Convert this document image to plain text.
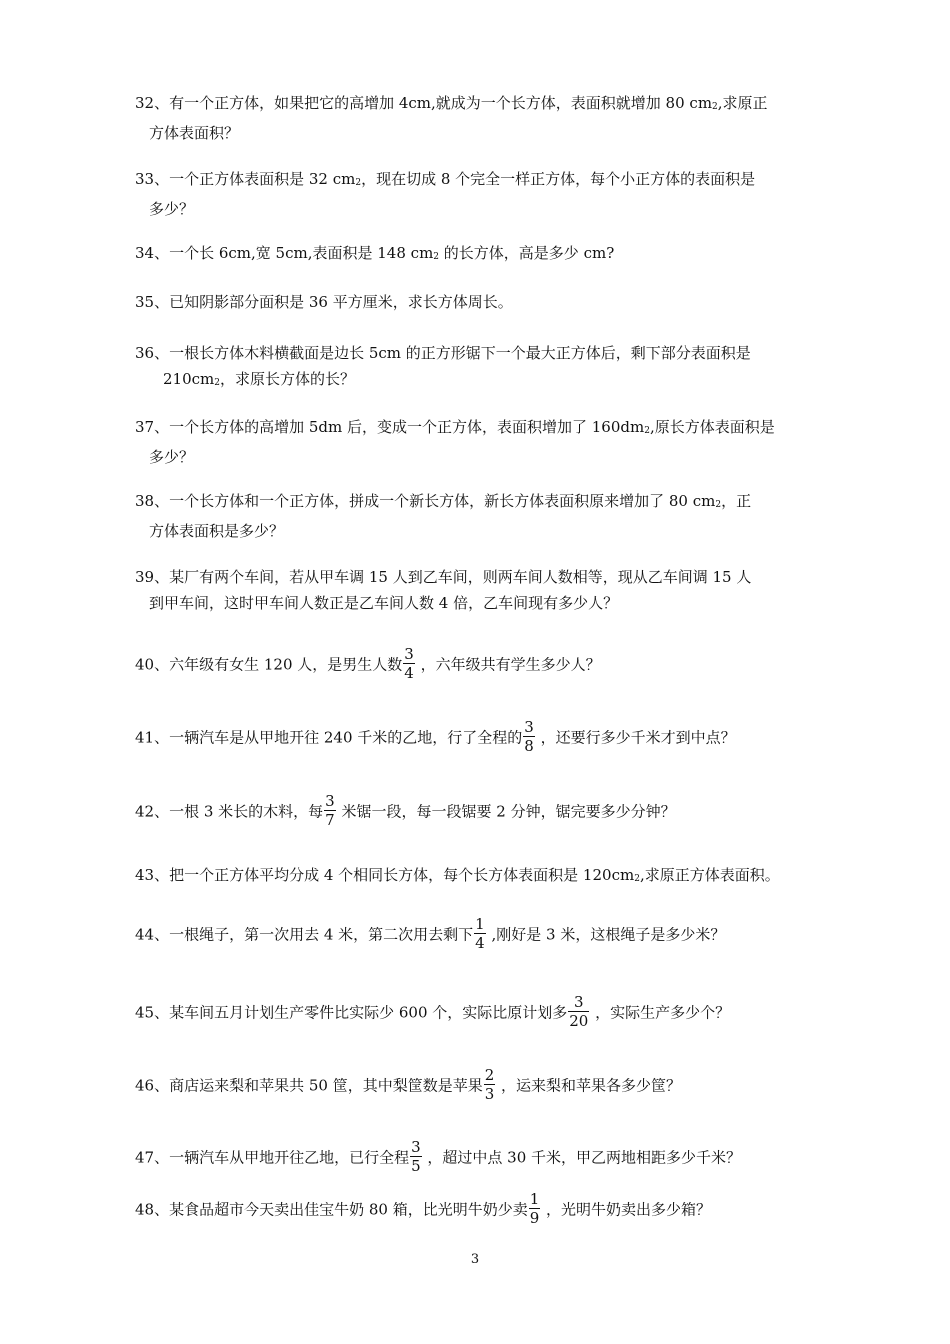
32、有一个正方体，如果把它的高增加 4cm,就成为一个长方体，表面积就增加 80 $cm_2$,求原正
方体表面积？
33、一个正方体表面积是 32 $cm_2$，现在切成 8 个完全一样正方体，每个小正方体的表面积是
多少？
34、一个长 6cm,宽 5cm,表面积是 148 $cm_2$ 的长方体，高是多少 cm?
35、已知阴影部分面积是 36 平方厘米，求长方体周长。
36、一根长方体木料横截面是边长 5cm 的正方形锯下一个最大正方体后，剩下部分表面积是
$210cm_2$，求原长方体的长？
37、一个长方体的高增加 5dm 后，变成一个正方体，表面积增加了 $160dm_2$,原长方体表面积是
多少？
38、一个长方体和一个正方体，拼成一个新长方体，新长方体表面积原来增加了 80 $cm_2$，正
方体表面积是多少？
39、某厂有两个车间，若从甲车调 15 人到乙车间，则两车间人数相等，现从乙车间调 15 人
到甲车间，这时甲车间人数正是乙车间人数 4 倍，乙车间现有多少人？
40、六年级有女生 120 人，是男生人数 $\frac{3}{4}$ ，六年级共有学生多少人？
41、一辆汽车是从甲地开往 240 千米的乙地，行了全程的 $\frac{3}{8}$ ，还要行多少千米才到中点？
42、一根 3 米长的木料，每 $\frac{3}{7}$ 米锯一段，每一段锯要 2 分钟，锯完要多少分钟？
43、把一个正方体平均分成 4 个相同长方体，每个长方体表面积是 $120cm_2$,求原正方体表面积。
44、一根绳子，第一次用去 4 米，第二次用去剩下 $\frac{1}{4}$ ,刚好是 3 米，这根绳子是多少米？
45、某车间五月计划生产零件比实际少 600 个，实际比原计划多 $\frac{3}{20}$ ，实际生产多少个？
46、商店运来梨和苹果共 50 筐，其中梨筐数是苹果 $\frac{2}{3}$ ，运来梨和苹果各多少筐？
47、一辆汽车从甲地开往乙地，已行全程 $\frac{3}{5}$ ，超过中点 30 千米，甲乙两地相距多少千米？
48、某食品超市今天卖出佳宝牛奶 80 箱，比光明牛奶少卖 $\frac{1}{9}$ ，光明牛奶卖出多少箱？
3
